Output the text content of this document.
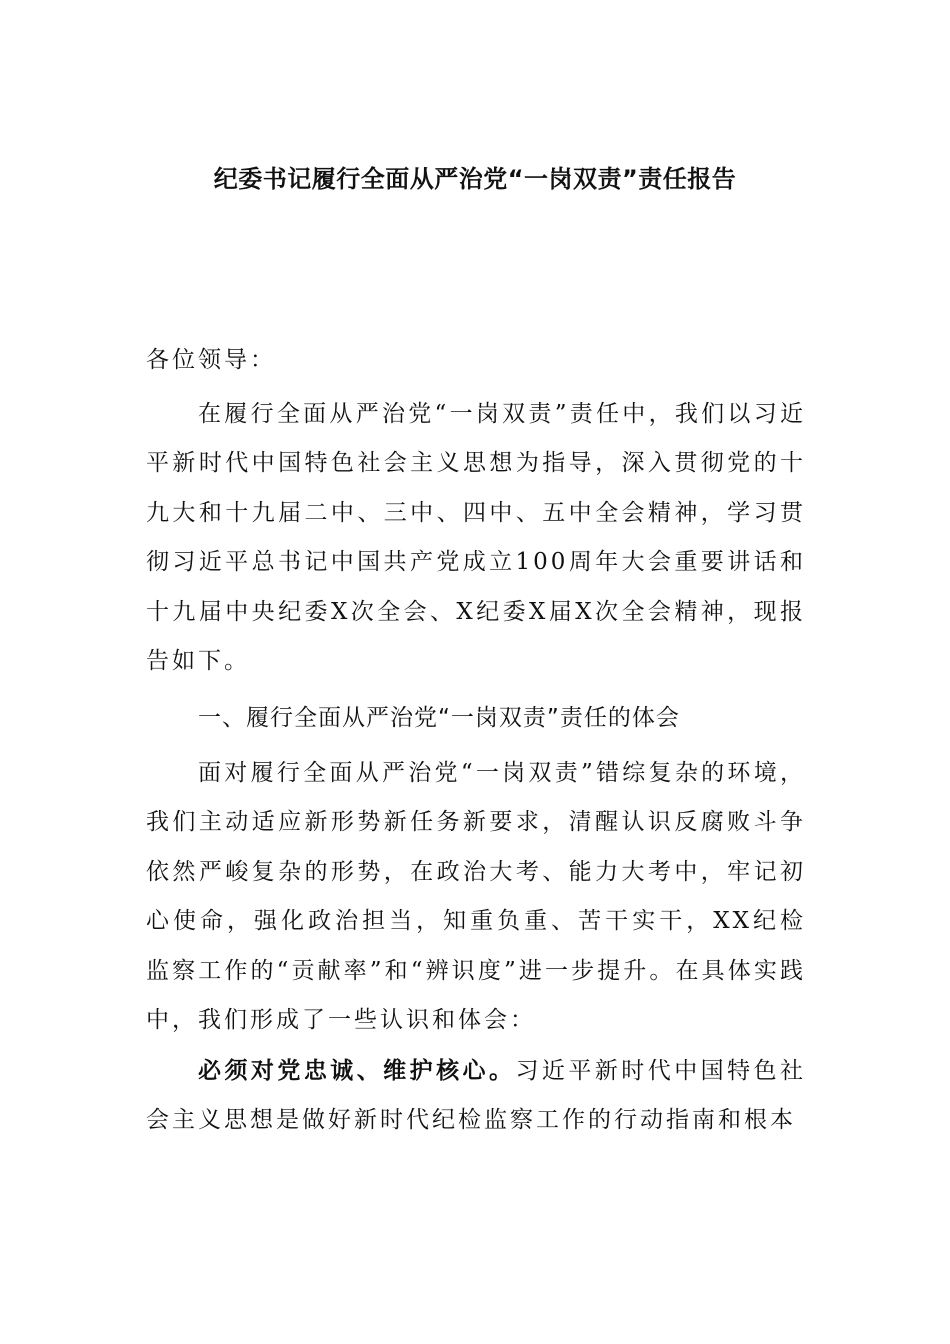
纪委书记履行全面从严治党“一岗双责”责任报告

各位领导：

在履行全面从严治党“一岗双责”责任中，我们以习近平新时代中国特色社会主义思想为指导，深入贯彻党的十九大和十九届二中、三中、四中、五中全会精神，学习贯彻习近平总书记中国共产党成立100周年大会重要讲话和十九届中央纪委X次全会、X纪委X届X次全会精神，现报告如下。

一、履行全面从严治党“一岗双责”责任的体会

面对履行全面从严治党“一岗双责”错综复杂的环境，我们主动适应新形势新任务新要求，清醒认识反腐败斗争依然严峻复杂的形势，在政治大考、能力大考中，牢记初心使命，强化政治担当，知重负重、苦干实干，XX纪检监察工作的“贡献率”和“辨识度”进一步提升。在具体实践中，我们形成了一些认识和体会：

必须对党忠诚、维护核心。习近平新时代中国特色社会主义思想是做好新时代纪检监察工作的行动指南和根本
